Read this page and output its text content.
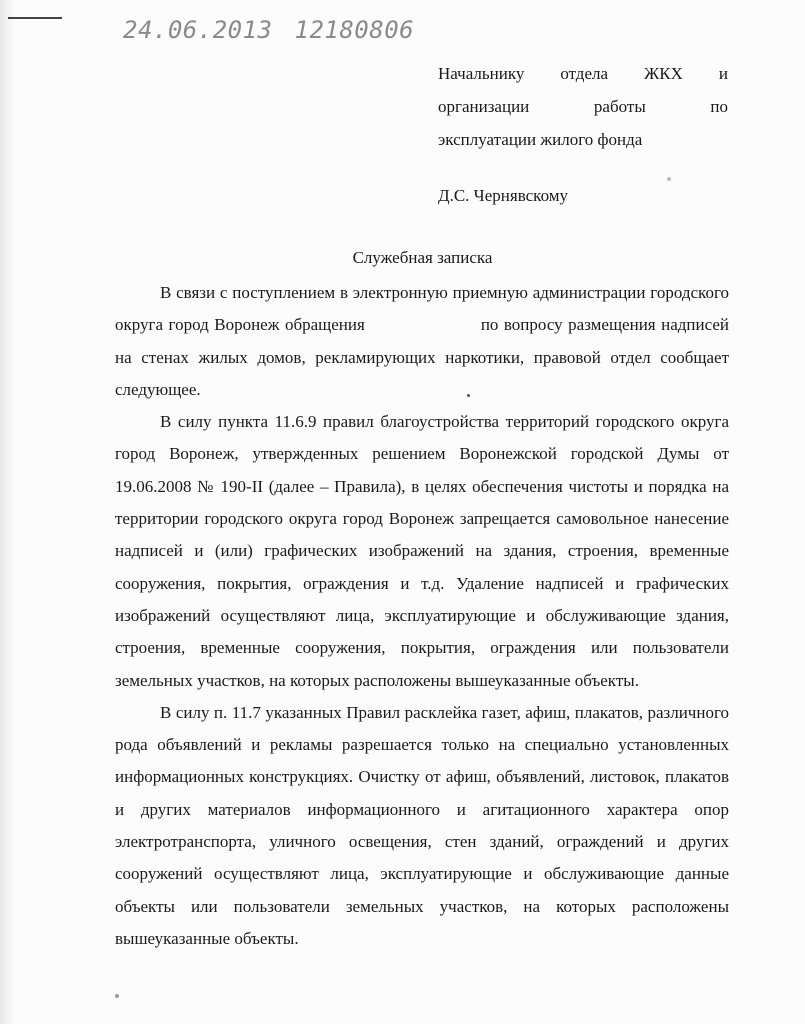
24.06.2013 12180806
Начальнику отдела ЖКХ и
организации	работы	по
эксплуатации жилого фонда
Д.С. Чернявскому
Служебная записка

В связи с поступлением в электронную приемную администрации городского округа город Воронеж обращения	по вопросу размещения надписей на стенах жилых домов, рекламирующих наркотики, правовой отдел сообщает следующее.

В силу пункта 11.6.9 правил благоустройства территорий городского округа город Воронеж, утвержденных решением Воронежской городской Думы от 19.06.2008 № 190-II (далее – Правила), в целях обеспечения чистоты и порядка на территории городского округа город Воронеж запрещается самовольное нанесение надписей и (или) графических изображений на здания, строения, временные сооружения, покрытия, ограждения и т.д. Удаление надписей и графических изображений осуществляют лица, эксплуатирующие и обслуживающие здания, строения, временные сооружения, покрытия, ограждения или пользователи земельных участков, на которых расположены вышеуказанные объекты.

В силу п. 11.7 указанных Правил расклейка газет, афиш, плакатов, различного рода объявлений и рекламы разрешается только на специально установленных информационных конструкциях. Очистку от афиш, объявлений, листовок, плакатов и других материалов информационного и агитационного характера опор электротранспорта, уличного освещения, стен зданий, ограждений и других сооружений осуществляют лица, эксплуатирующие и обслуживающие данные объекты или пользователи земельных участков, на которых расположены вышеуказанные объекты.
